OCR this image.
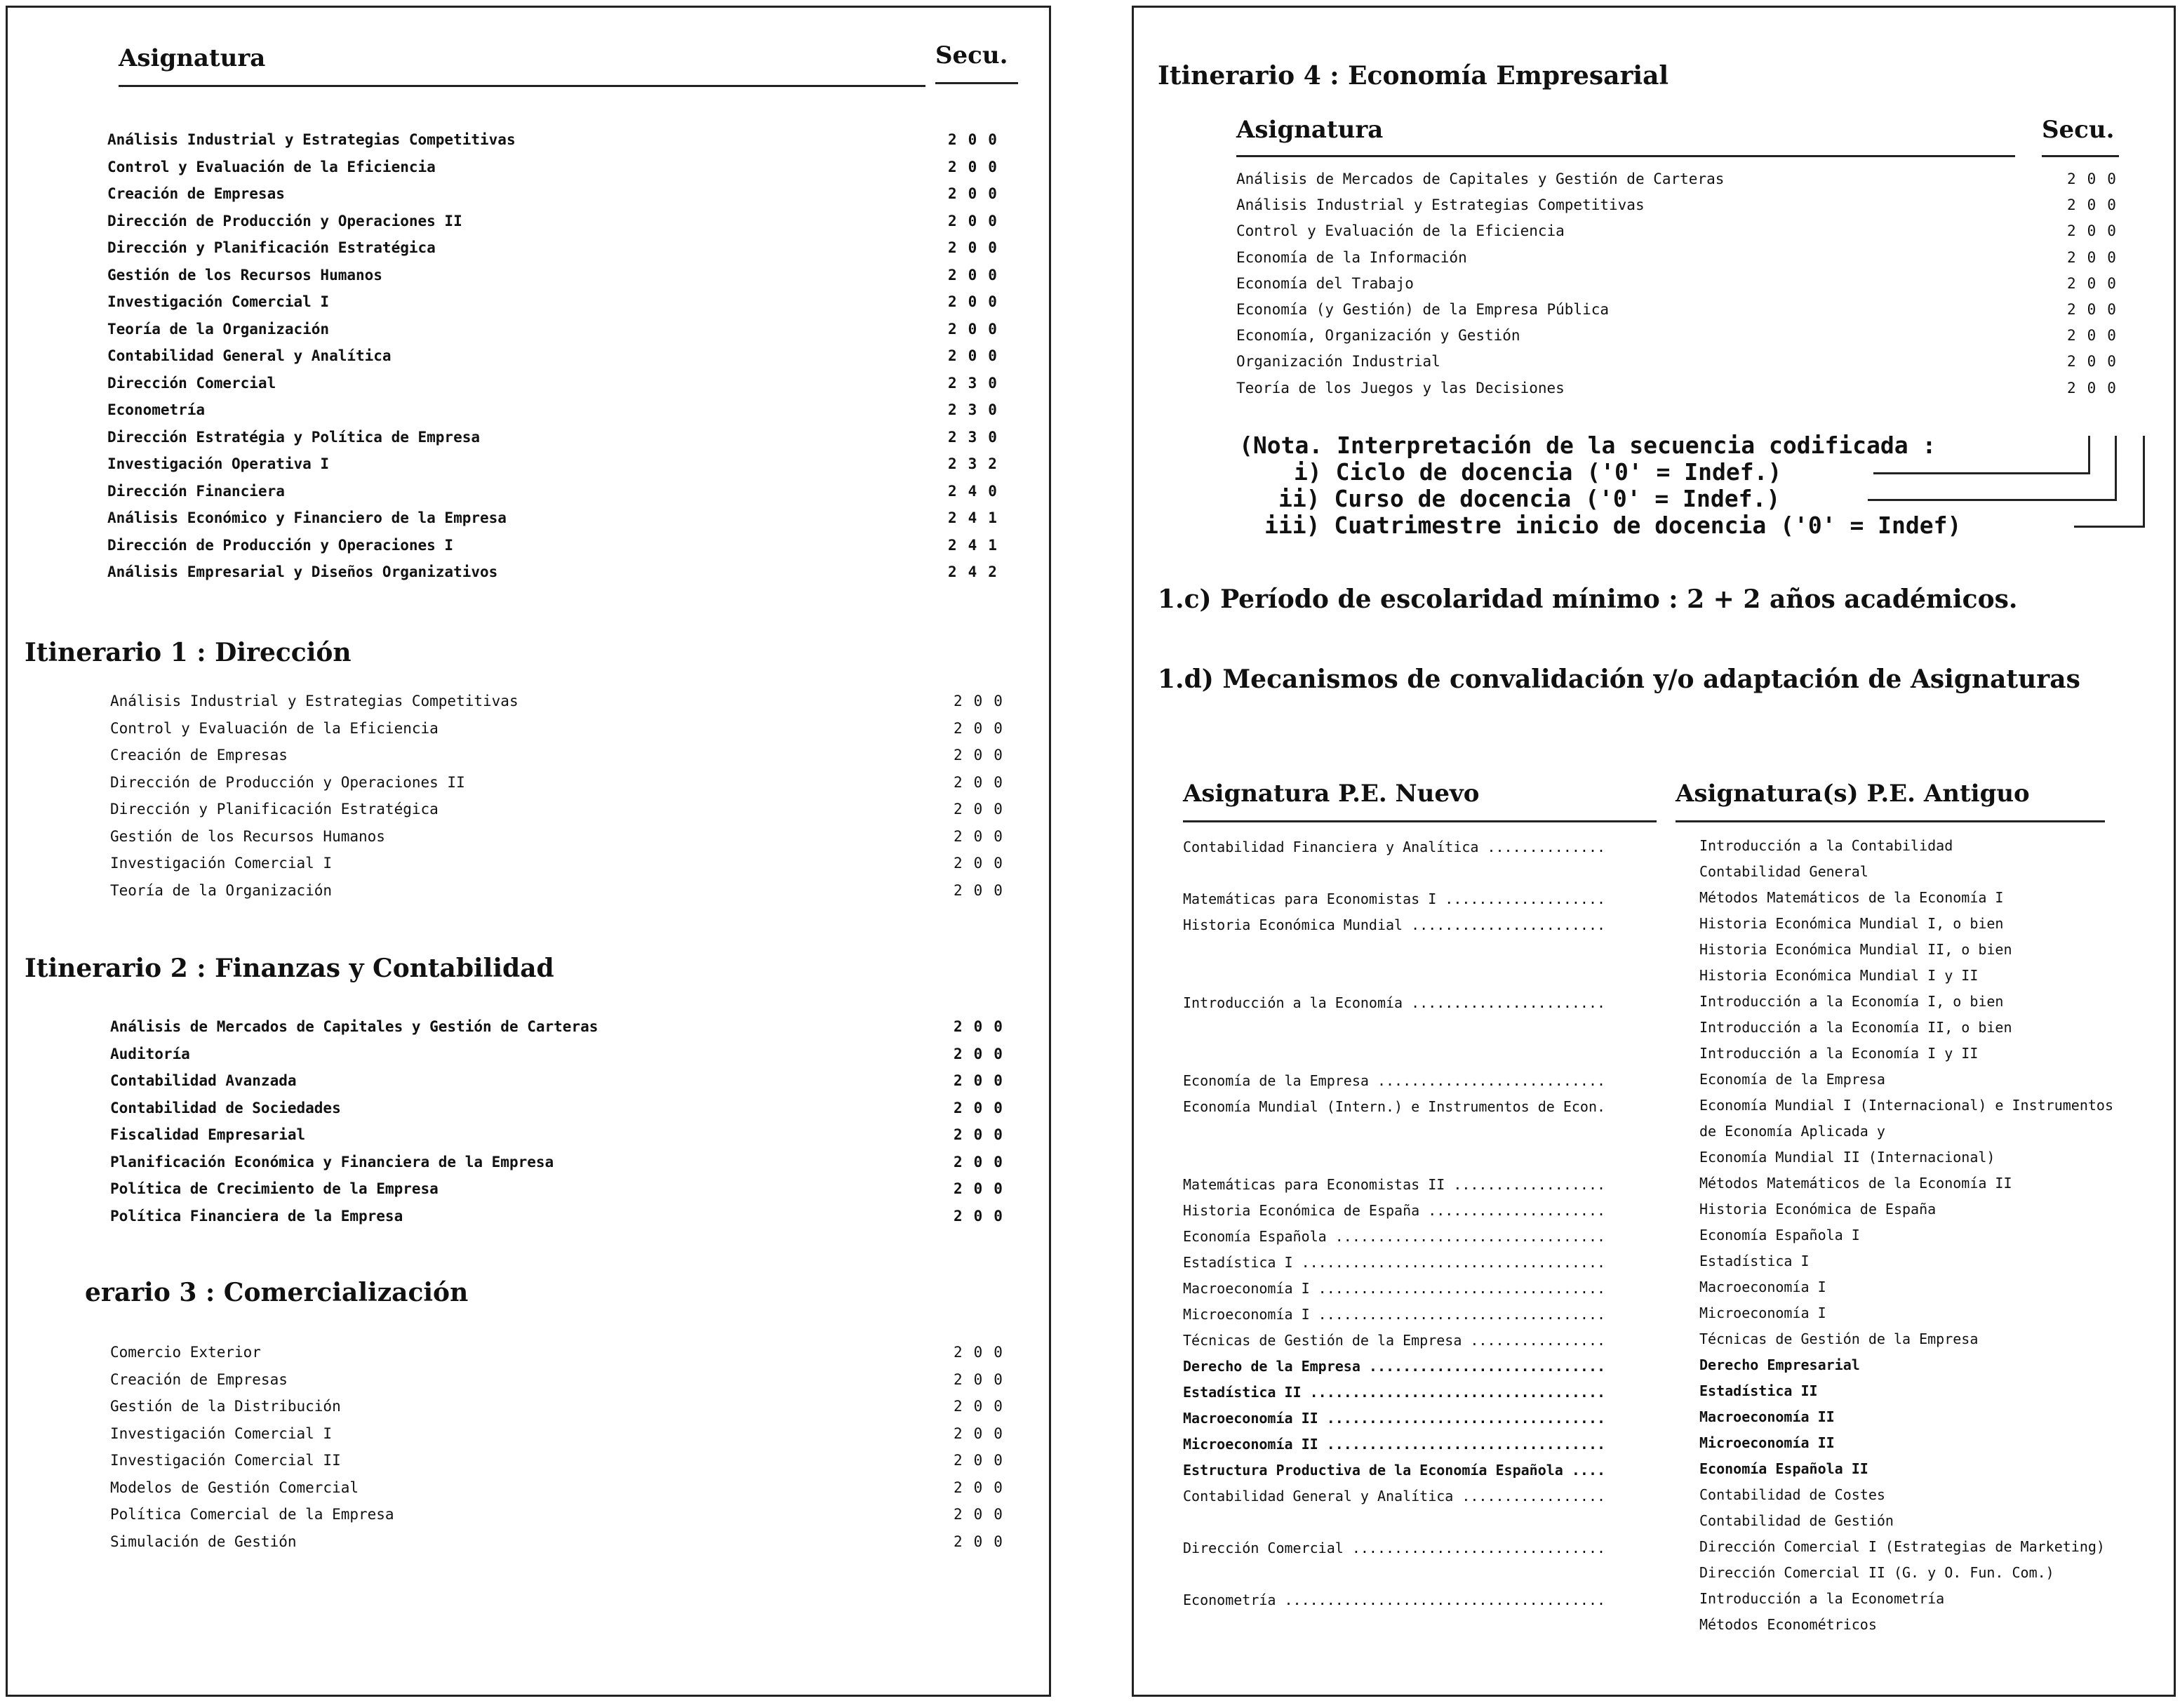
Asignatura	Secu.
Análisis Industrial y Estrategias Competitivas	200
Control y Evaluación de la Eficiencia	200
Creación de Empresas	200
Dirección de Producción y Operaciones II	200
Dirección y Planificación Estratégica	200
Gestión de los Recursos Humanos	200
Investigación Comercial I	200
Teoría de la Organización	200
Contabilidad General y Analítica	200
Dirección Comercial	230
Econometría	230
Dirección Estratégia y Política de Empresa	230
Investigación Operativa I	232
Dirección Financiera	240
Análisis Económico y Financiero de la Empresa	241
Dirección de Producción y Operaciones I	241
Análisis Empresarial y Diseños Organizativos	242
Itinerario 1 : Dirección
Análisis Industrial y Estrategias Competitivas	200
Control y Evaluación de la Eficiencia	200
Creación de Empresas	200
Dirección de Producción y Operaciones II	200
Dirección y Planificación Estratégica	200
Gestión de los Recursos Humanos	200
Investigación Comercial I	200
Teoría de la Organización	200
Itinerario 2 : Finanzas y Contabilidad
Análisis de Mercados de Capitales y Gestión de Carteras	200
Auditoría	200
Contabilidad Avanzada	200
Contabilidad de Sociedades	200
Fiscalidad Empresarial	200
Planificación Económica y Financiera de la Empresa	200
Política de Crecimiento de la Empresa	200
Política Financiera de la Empresa	200
erario 3 : Comercialización
Comercio Exterior	200
Creación de Empresas	200
Gestión de la Distribución	200
Investigación Comercial I	200
Investigación Comercial II	200
Modelos de Gestión Comercial	200
Política Comercial de la Empresa	200
Simulación de Gestión	200
Itinerario 4 : Economía Empresarial
Asignatura	Secu.
Análisis de Mercados de Capitales y Gestión de Carteras	200
Análisis Industrial y Estrategias Competitivas	200
Control y Evaluación de la Eficiencia	200
Economía de la Información	200
Economía del Trabajo	200
Economía (y Gestión) de la Empresa Pública	200
Economía, Organización y Gestión	200
Organización Industrial	200
Teoría de los Juegos y las Decisiones	200
(Nota. Interpretación de la secuencia codificada :
i) Ciclo de docencia ('0' = Indef.)
ii) Curso de docencia ('0' = Indef.)
iii) Cuatrimestre inicio de docencia ('0' = Indef)
1.c) Período de escolaridad mínimo : 2 + 2 años académicos.
1.d) Mecanismos de convalidación y/o adaptación de Asignaturas
Asignatura P.E. Nuevo	Asignatura(s) P.E. Antiguo
Contabilidad Financiera y Analítica ..............	Introducción a la Contabilidad
Contabilidad General
Matemáticas para Economistas I ...................	Métodos Matemáticos de la Economía I
Historia Económica Mundial .......................	Historia Económica Mundial I, o bien
Historia Económica Mundial II, o bien
Historia Económica Mundial I y II
Introducción a la Economía .......................	Introducción a la Economía I, o bien
Introducción a la Economía II, o bien
Introducción a la Economía I y II
Economía de la Empresa ...........................	Economía de la Empresa
Economía Mundial (Intern.) e Instrumentos de Econ.	Economía Mundial I (Internacional) e Instrumentos
de Economía Aplicada y
Economía Mundial II (Internacional)
Matemáticas para Economistas II ..................	Métodos Matemáticos de la Economía II
Historia Económica de España .....................	Historia Económica de España
Economía Española ................................	Economía Española I
Estadística I ....................................	Estadística I
Macroeconomía I ..................................	Macroeconomía I
Microeconomía I ..................................	Microeconomía I
Técnicas de Gestión de la Empresa ................	Técnicas de Gestión de la Empresa
Derecho de la Empresa ............................	Derecho Empresarial
Estadística II ...................................	Estadística II
Macroeconomía II .................................	Macroeconomía II
Microeconomía II .................................	Microeconomía II
Estructura Productiva de la Economía Española ....	Economía Española II
Contabilidad General y Analítica .................	Contabilidad de Costes
Contabilidad de Gestión
Dirección Comercial ..............................	Dirección Comercial I (Estrategias de Marketing)
Dirección Comercial II (G. y O. Fun. Com.)
Econometría ......................................	Introducción a la Econometría
Métodos Econométricos
